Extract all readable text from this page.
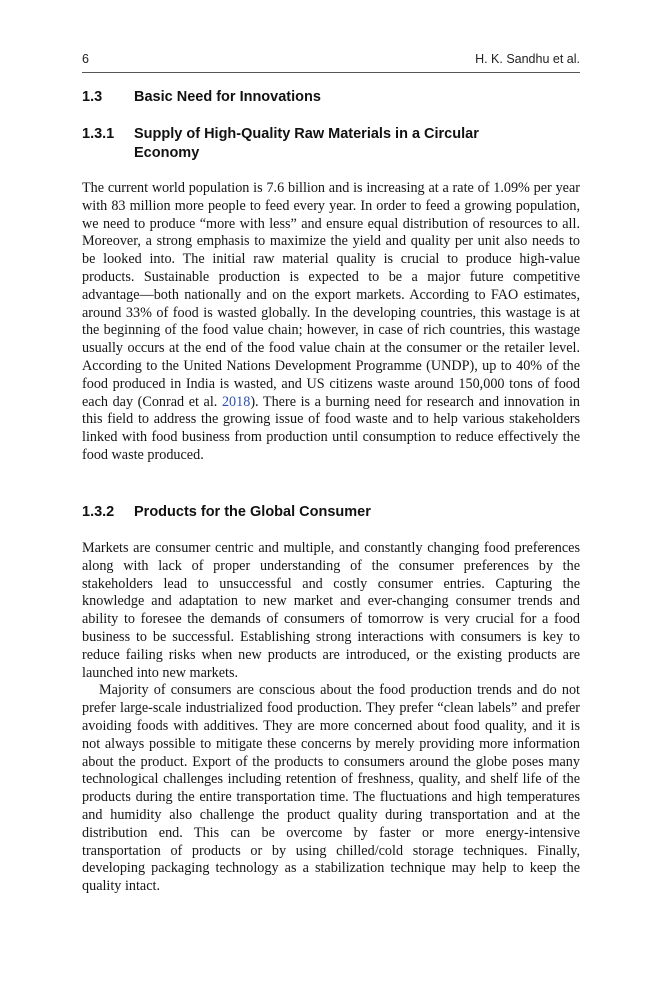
6	H. K. Sandhu et al.
1.3	Basic Need for Innovations
1.3.1	Supply of High-Quality Raw Materials in a Circular Economy

The current world population is 7.6 billion and is increasing at a rate of 1.09% per year with 83 million more people to feed every year. In order to feed a growing population, we need to produce “more with less” and ensure equal distribution of resources to all. Moreover, a strong emphasis to maximize the yield and quality per unit also needs to be looked into. The initial raw material quality is crucial to produce high-value products. Sustainable production is expected to be a major future competitive advantage—both nationally and on the export markets. According to FAO estimates, around 33% of food is wasted globally. In the developing countries, this wastage is at the beginning of the food value chain; however, in case of rich countries, this wastage usually occurs at the end of the food value chain at the consumer or the retailer level. According to the United Nations Development Programme (UNDP), up to 40% of the food produced in India is wasted, and US citizens waste around 150,000 tons of food each day (Conrad et al. 2018). There is a burning need for research and innovation in this field to address the growing issue of food waste and to help various stakeholders linked with food business from production until consumption to reduce effectively the food waste produced.

1.3.2	Products for the Global Consumer

Markets are consumer centric and multiple, and constantly changing food preferences along with lack of proper understanding of the consumer preferences by the stakeholders lead to unsuccessful and costly consumer entries. Capturing the knowledge and adaptation to new market and ever-changing consumer trends and ability to foresee the demands of consumers of tomorrow is very crucial for a food business to be successful. Establishing strong interactions with consumers is key to reduce failing risks when new products are introduced, or the existing products are launched into new markets.

Majority of consumers are conscious about the food production trends and do not prefer large-scale industrialized food production. They prefer “clean labels” and prefer avoiding foods with additives. They are more concerned about food quality, and it is not always possible to mitigate these concerns by merely providing more information about the product. Export of the products to consumers around the globe poses many technological challenges including retention of freshness, quality, and shelf life of the products during the entire transportation time. The fluctuations and high temperatures and humidity also challenge the product quality during transportation and at the distribution end. This can be overcome by faster or more energy-intensive transportation of products or by using chilled/cold storage techniques. Finally, developing packaging technology as a stabilization technique may help to keep the quality intact.
